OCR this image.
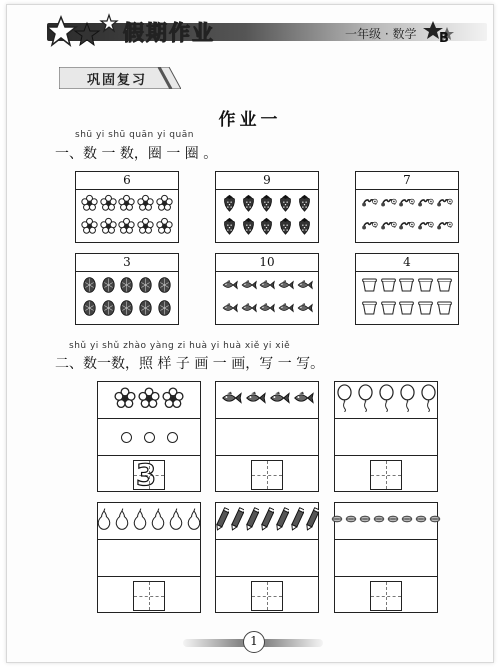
假期作业	一年级 · 数学 B
巩固复习
作业一
shū yi shū quān yi quān
一、数 一 数，圈 一 圈 。
6	9	7
3	10	4
shǔ yi shǔ zhào yàng zi huà yi huà xiě yi xiě
二、数一数，照 样 子 画 一 画，写 一 写。
3
1
